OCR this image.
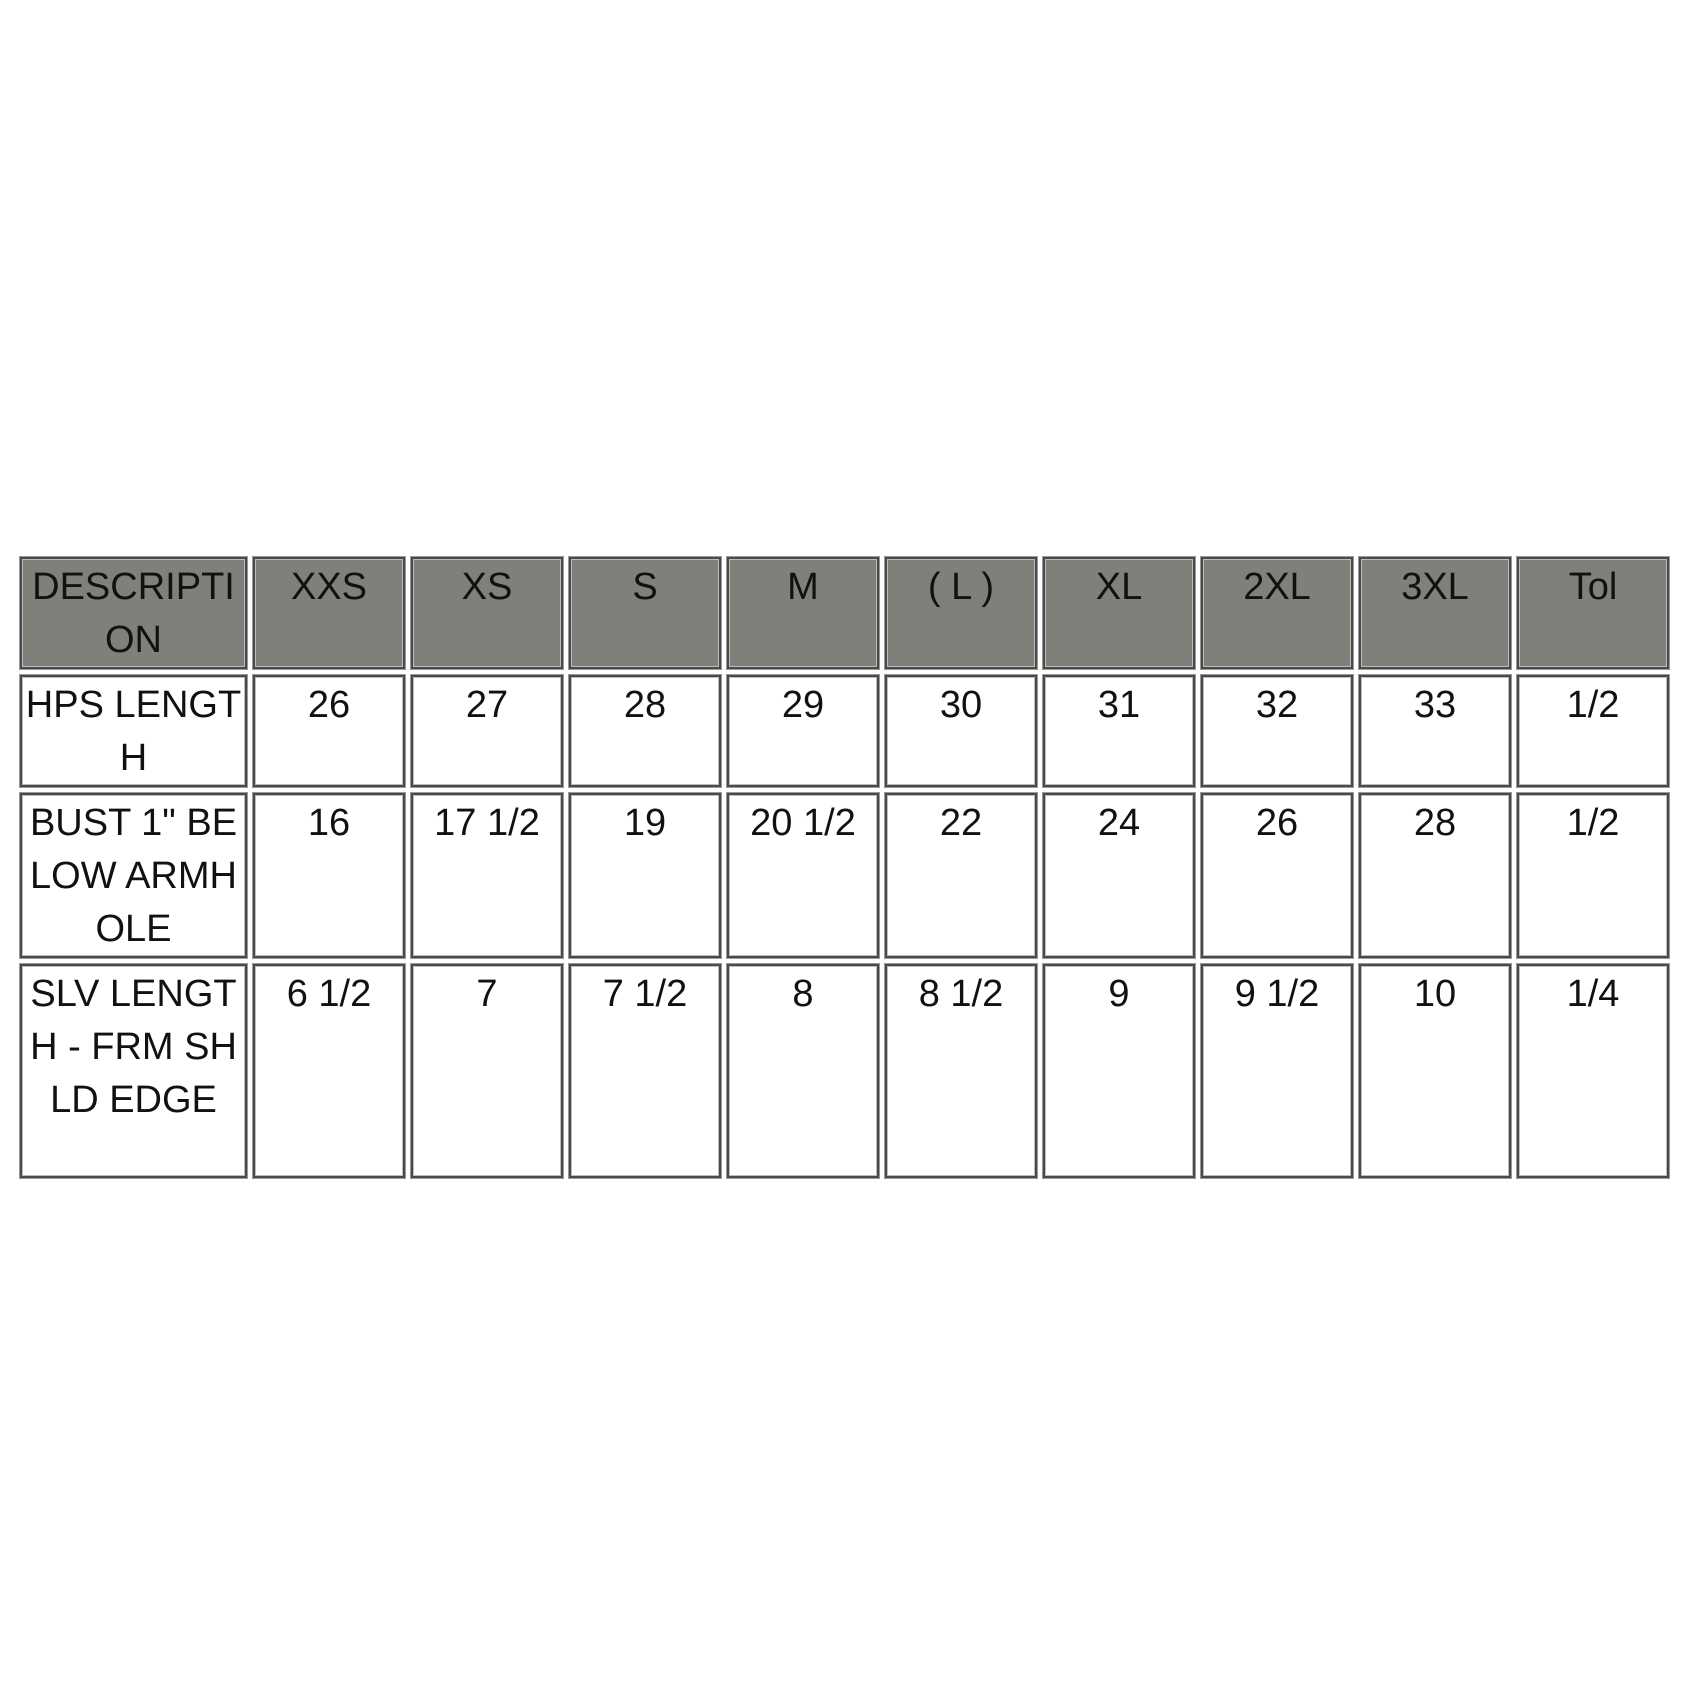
DESCRIPTION	XXS	XS	S	M	( L )	XL	2XL	3XL	Tol
HPS LENGTH	26	27	28	29	30	31	32	33	1/2
BUST 1" BELOW ARMHOLE	16	17 1/2	19	20 1/2	22	24	26	28	1/2
SLV LENGTH - FRM SHLD EDGE	6 1/2	7	7 1/2	8	8 1/2	9	9 1/2	10	1/4
